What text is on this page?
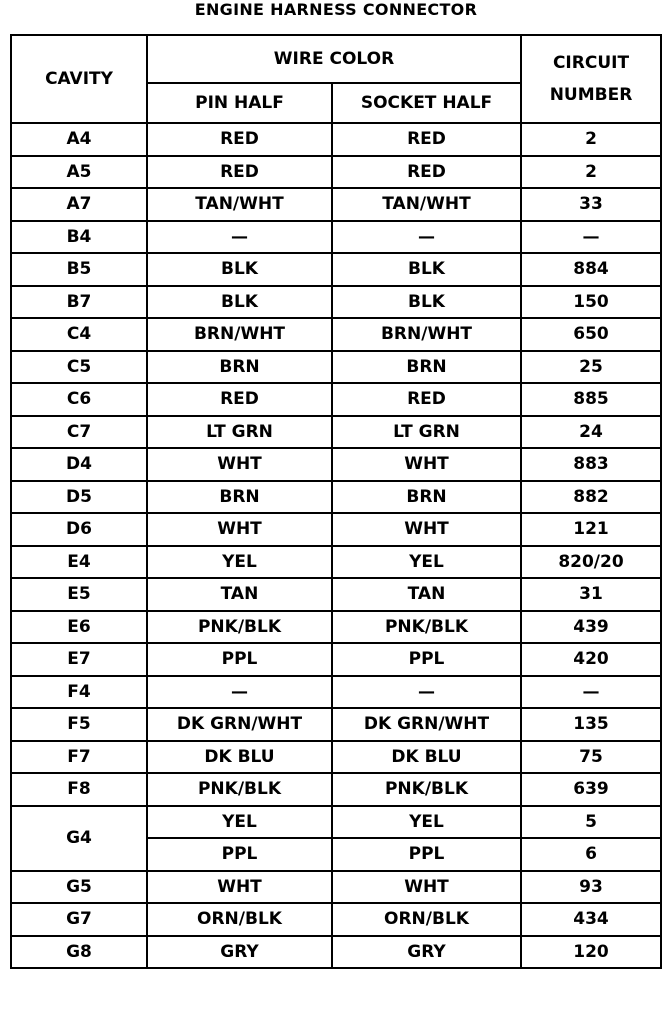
ENGINE HARNESS CONNECTOR
CAVITY	WIRE COLOR		CIRCUIT
NUMBER
	PIN HALF	SOCKET HALF	
A4	RED	RED	2
A5	RED	RED	2
A7	TAN/WHT	TAN/WHT	33
B4	—	—	—
B5	BLK	BLK	884
B7	BLK	BLK	150
C4	BRN/WHT	BRN/WHT	650
C5	BRN	BRN	25
C6	RED	RED	885
C7	LT GRN	LT GRN	24
D4	WHT	WHT	883
D5	BRN	BRN	882
D6	WHT	WHT	121
E4	YEL	YEL	820/20
E5	TAN	TAN	31
E6	PNK/BLK	PNK/BLK	439
E7	PPL	PPL	420
F4	—	—	—
F5	DK GRN/WHT	DK GRN/WHT	135
F7	DK BLU	DK BLU	75
F8	PNK/BLK	PNK/BLK	639
G4	YEL	YEL	5
	PPL	PPL	6
G5	WHT	WHT	93
G7	ORN/BLK	ORN/BLK	434
G8	GRY	GRY	120
